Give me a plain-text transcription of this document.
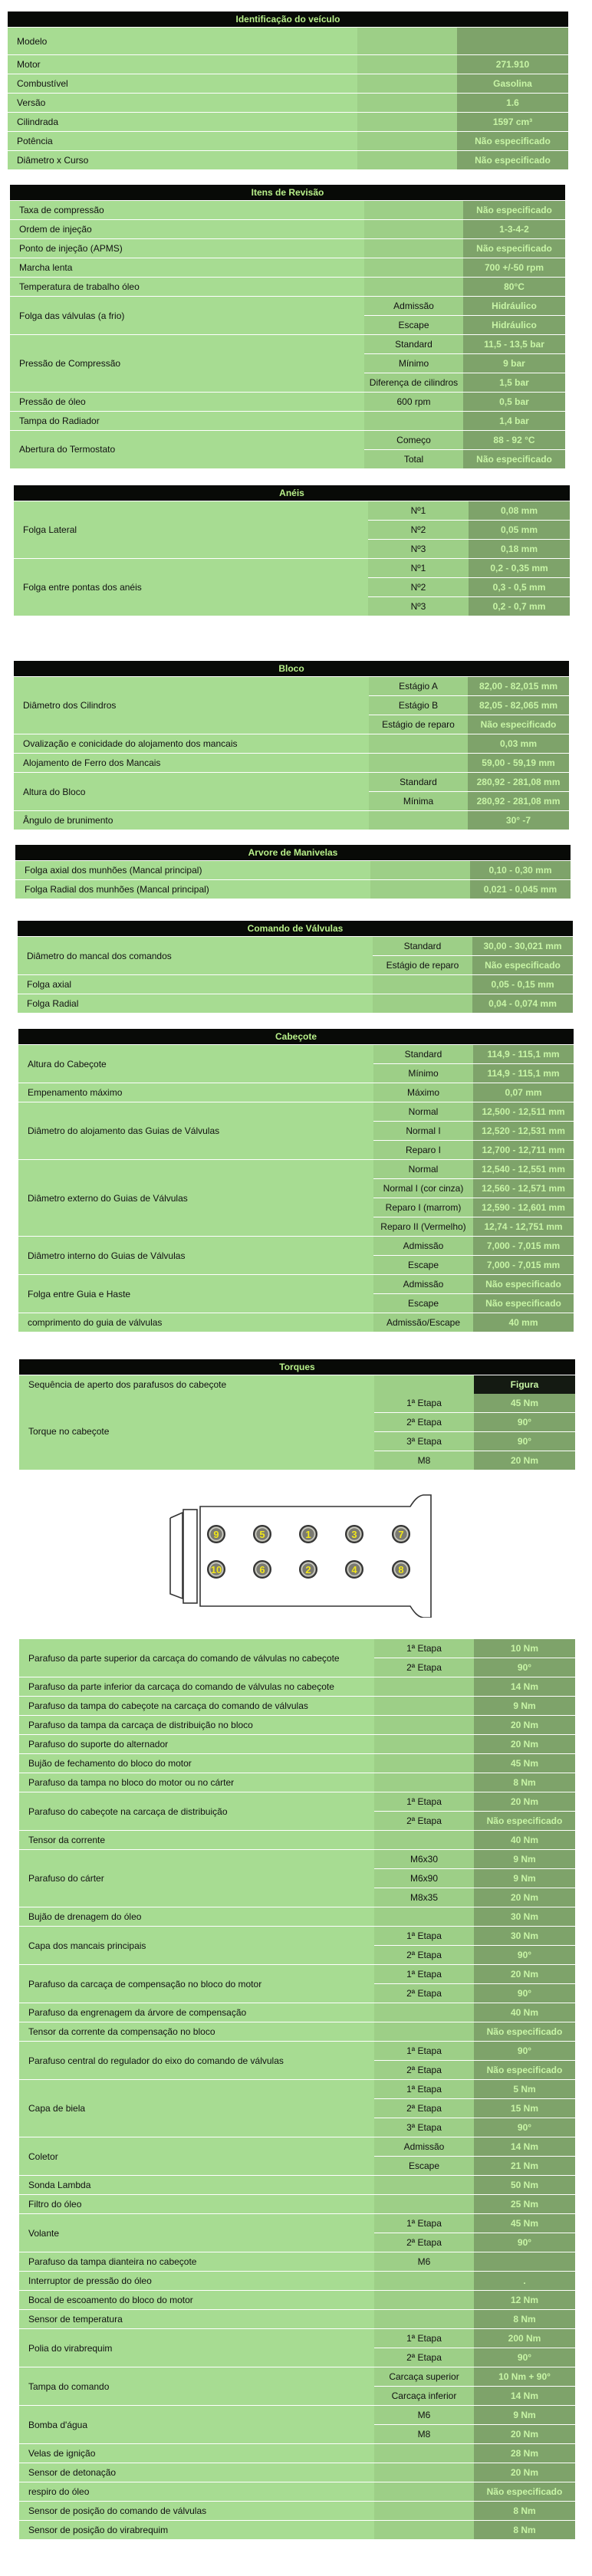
Identificação do veículo		
Modelo		
Motor		271.910
Combustível		Gasolina
Versão		1.6
Cilindrada		1597 cm³
Potência		Não especificado
Diâmetro x Curso		Não especificado
Itens de Revisão		
Taxa de compressão		Não especificado
Ordem de injeção		1-3-4-2
Ponto de injeção (APMS)		Não especificado
Marcha lenta		700 +/-50 rpm
Temperatura de trabalho óleo		80°C
Folga das válvulas (a frio)	Admissão	Hidráulico
	Escape	Hidráulico
Pressão de Compressão	Standard	11,5 - 13,5 bar
	Mínimo	9 bar
	Diferença de cilindros	1,5 bar
Pressão de óleo	600 rpm	0,5 bar
Tampa do Radiador		1,4 bar
Abertura do Termostato	Começo	88 - 92 °C
	Total	Não especificado
Anéis		
Folga Lateral	Nº1	0,08 mm
	Nº2	0,05 mm
	Nº3	0,18 mm
Folga entre pontas dos anéis	Nº1	0,2 - 0,35 mm
	Nº2	0,3 - 0,5 mm
	Nº3	0,2 - 0,7 mm
Bloco		
Diâmetro dos Cilindros	Estágio A	82,00 - 82,015 mm
	Estágio B	82,05 - 82,065 mm
	Estágio de reparo	Não especificado
Ovalização e conicidade do alojamento dos mancais		0,03 mm
Alojamento de Ferro dos Mancais		59,00 - 59,19 mm
Altura do Bloco	Standard	280,92 - 281,08 mm
	Mínima	280,92 - 281,08 mm
Ângulo de brunimento		30° -7
Arvore de Manivelas		
Folga axial dos munhões (Mancal principal)		0,10 - 0,30 mm
Folga Radial dos munhões (Mancal principal)		0,021 - 0,045 mm
Comando de Válvulas		
Diâmetro do mancal dos comandos	Standard	30,00 - 30,021 mm
	Estágio de reparo	Não especificado
Folga axial		0,05 - 0,15 mm
Folga Radial		0,04 - 0,074 mm
Cabeçote		
Altura do Cabeçote	Standard	114,9 - 115,1 mm
	Mínimo	114,9 - 115,1 mm
Empenamento máximo	Máximo	0,07 mm
Diâmetro do alojamento das Guias de Válvulas	Normal	12,500 - 12,511 mm
	Normal I	12,520 - 12,531 mm
	Reparo I	12,700 - 12,711 mm
Diâmetro externo do Guias de Válvulas	Normal	12,540 - 12,551 mm
	Normal I (cor cinza)	12,560 - 12,571 mm
	Reparo I (marrom)	12,590 - 12,601 mm
	Reparo II (Vermelho)	12,74 - 12,751 mm
Diâmetro interno do Guias de Válvulas	Admissão	7,000 - 7,015 mm
	Escape	7,000 - 7,015 mm
Folga entre Guia e Haste	Admissão	Não especificado
	Escape	Não especificado
comprimento do guia de válvulas	Admissão/Escape	40 mm
Torques		
Sequência de aperto dos parafusos do cabeçote		Figura
Torque no cabeçote	1ª Etapa	45 Nm
	2ª Etapa	90°
	3ª Etapa	90°
	M8	20 Nm
9	5	1	3	7
10	6	2	4	8
Parafuso da parte superior da carcaça do comando de válvulas no cabeçote	1ª Etapa	10 Nm
	2ª Etapa	90°
Parafuso da parte inferior da carcaça do comando de válvulas no cabeçote		14 Nm
Parafuso da tampa do cabeçote na carcaça do comando de válvulas		9 Nm
Parafuso da tampa da carcaça de distribuição no bloco		20 Nm
Parafuso do suporte do alternador		20 Nm
Bujão de fechamento do bloco do motor		45 Nm
Parafuso da tampa no bloco do motor ou no cárter		8 Nm
Parafuso do cabeçote na carcaça de distribuição	1ª Etapa	20 Nm
	2ª Etapa	Não especificado
Tensor da corrente		40 Nm
Parafuso do cárter	M6x30	9 Nm
	M6x90	9 Nm
	M8x35	20 Nm
Bujão de drenagem do óleo		30 Nm
Capa dos mancais principais	1ª Etapa	30 Nm
	2ª Etapa	90°
Parafuso da carcaça de compensação no bloco do motor	1ª Etapa	20 Nm
	2ª Etapa	90°
Parafuso da engrenagem da árvore de compensação		40 Nm
Tensor da corrente da compensação no bloco		Não especificado
Parafuso central do regulador do eixo do comando de válvulas	1ª Etapa	90°
	2ª Etapa	Não especificado
Capa de biela	1ª Etapa	5 Nm
	2ª Etapa	15 Nm
	3ª Etapa	90°
Coletor	Admissão	14 Nm
	Escape	21 Nm
Sonda Lambda		50 Nm
Filtro do óleo		25 Nm
Volante	1ª Etapa	45 Nm
	2ª Etapa	90°
Parafuso da tampa dianteira no cabeçote	M6	
Interruptor de pressão do óleo		.
Bocal de escoamento do bloco do motor		12 Nm
Sensor de temperatura		8 Nm
Polia do virabrequim	1ª Etapa	200 Nm
	2ª Etapa	90°
Tampa do comando	Carcaça superior	10 Nm + 90°
	Carcaça inferior	14 Nm
Bomba d'água	M6	9 Nm
	M8	20 Nm
Velas de ignição		28 Nm
Sensor de detonação		20 Nm
respiro do óleo		Não especificado
Sensor de posição do comando de válvulas		8 Nm
Sensor de posição do virabrequim		8 Nm
